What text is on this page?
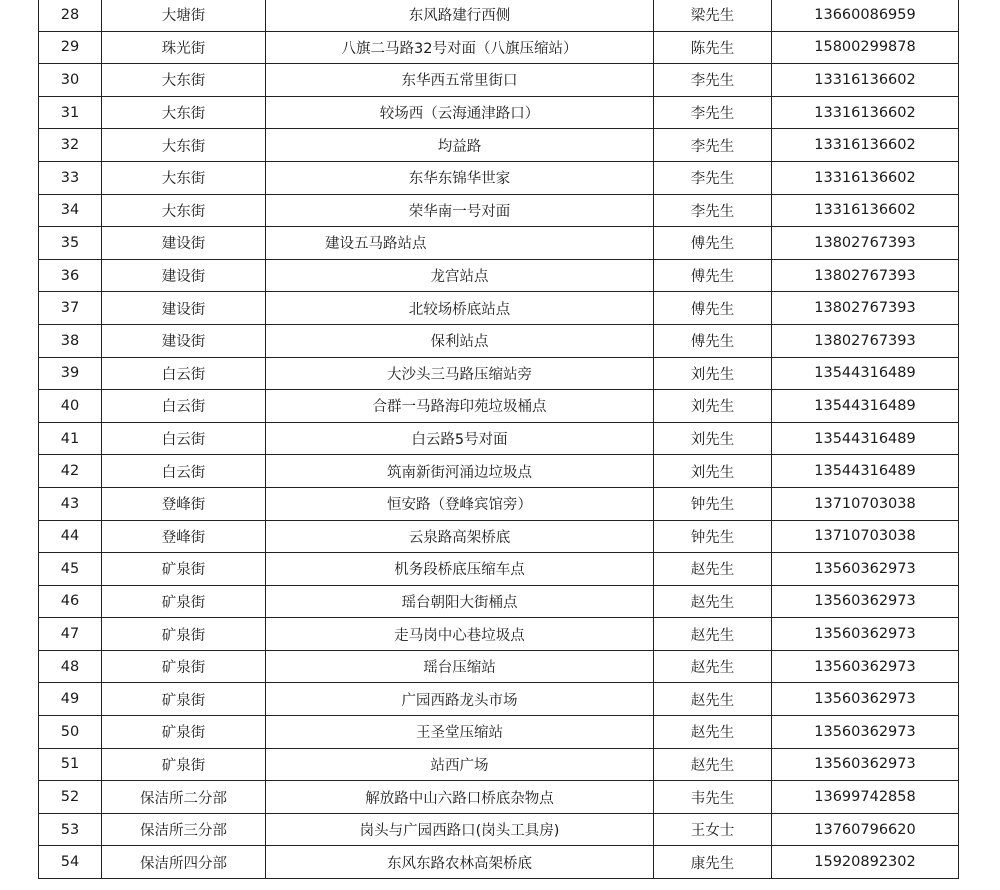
28	大塘街	东风路建行西侧	梁先生	13660086959
29	珠光街	八旗二马路32号对面（八旗压缩站）	陈先生	15800299878
30	大东街	东华西五常里街口	李先生	13316136602
31	大东街	较场西（云海通津路口）	李先生	13316136602
32	大东街	均益路	李先生	13316136602
33	大东街	东华东锦华世家	李先生	13316136602
34	大东街	荣华南一号对面	李先生	13316136602
35	建设街	建设五马路站点	傅先生	13802767393
36	建设街	龙宫站点	傅先生	13802767393
37	建设街	北较场桥底站点	傅先生	13802767393
38	建设街	保利站点	傅先生	13802767393
39	白云街	大沙头三马路压缩站旁	刘先生	13544316489
40	白云街	合群一马路海印苑垃圾桶点	刘先生	13544316489
41	白云街	白云路5号对面	刘先生	13544316489
42	白云街	筑南新街河涌边垃圾点	刘先生	13544316489
43	登峰街	恒安路（登峰宾馆旁）	钟先生	13710703038
44	登峰街	云泉路高架桥底	钟先生	13710703038
45	矿泉街	机务段桥底压缩车点	赵先生	13560362973
46	矿泉街	瑶台朝阳大街桶点	赵先生	13560362973
47	矿泉街	走马岗中心巷垃圾点	赵先生	13560362973
48	矿泉街	瑶台压缩站	赵先生	13560362973
49	矿泉街	广园西路龙头市场	赵先生	13560362973
50	矿泉街	王圣堂压缩站	赵先生	13560362973
51	矿泉街	站西广场	赵先生	13560362973
52	保洁所二分部	解放路中山六路口桥底杂物点	韦先生	13699742858
53	保洁所三分部	岗头与广园西路口(岗头工具房)	王女士	13760796620
54	保洁所四分部	东风东路农林高架桥底	康先生	15920892302
